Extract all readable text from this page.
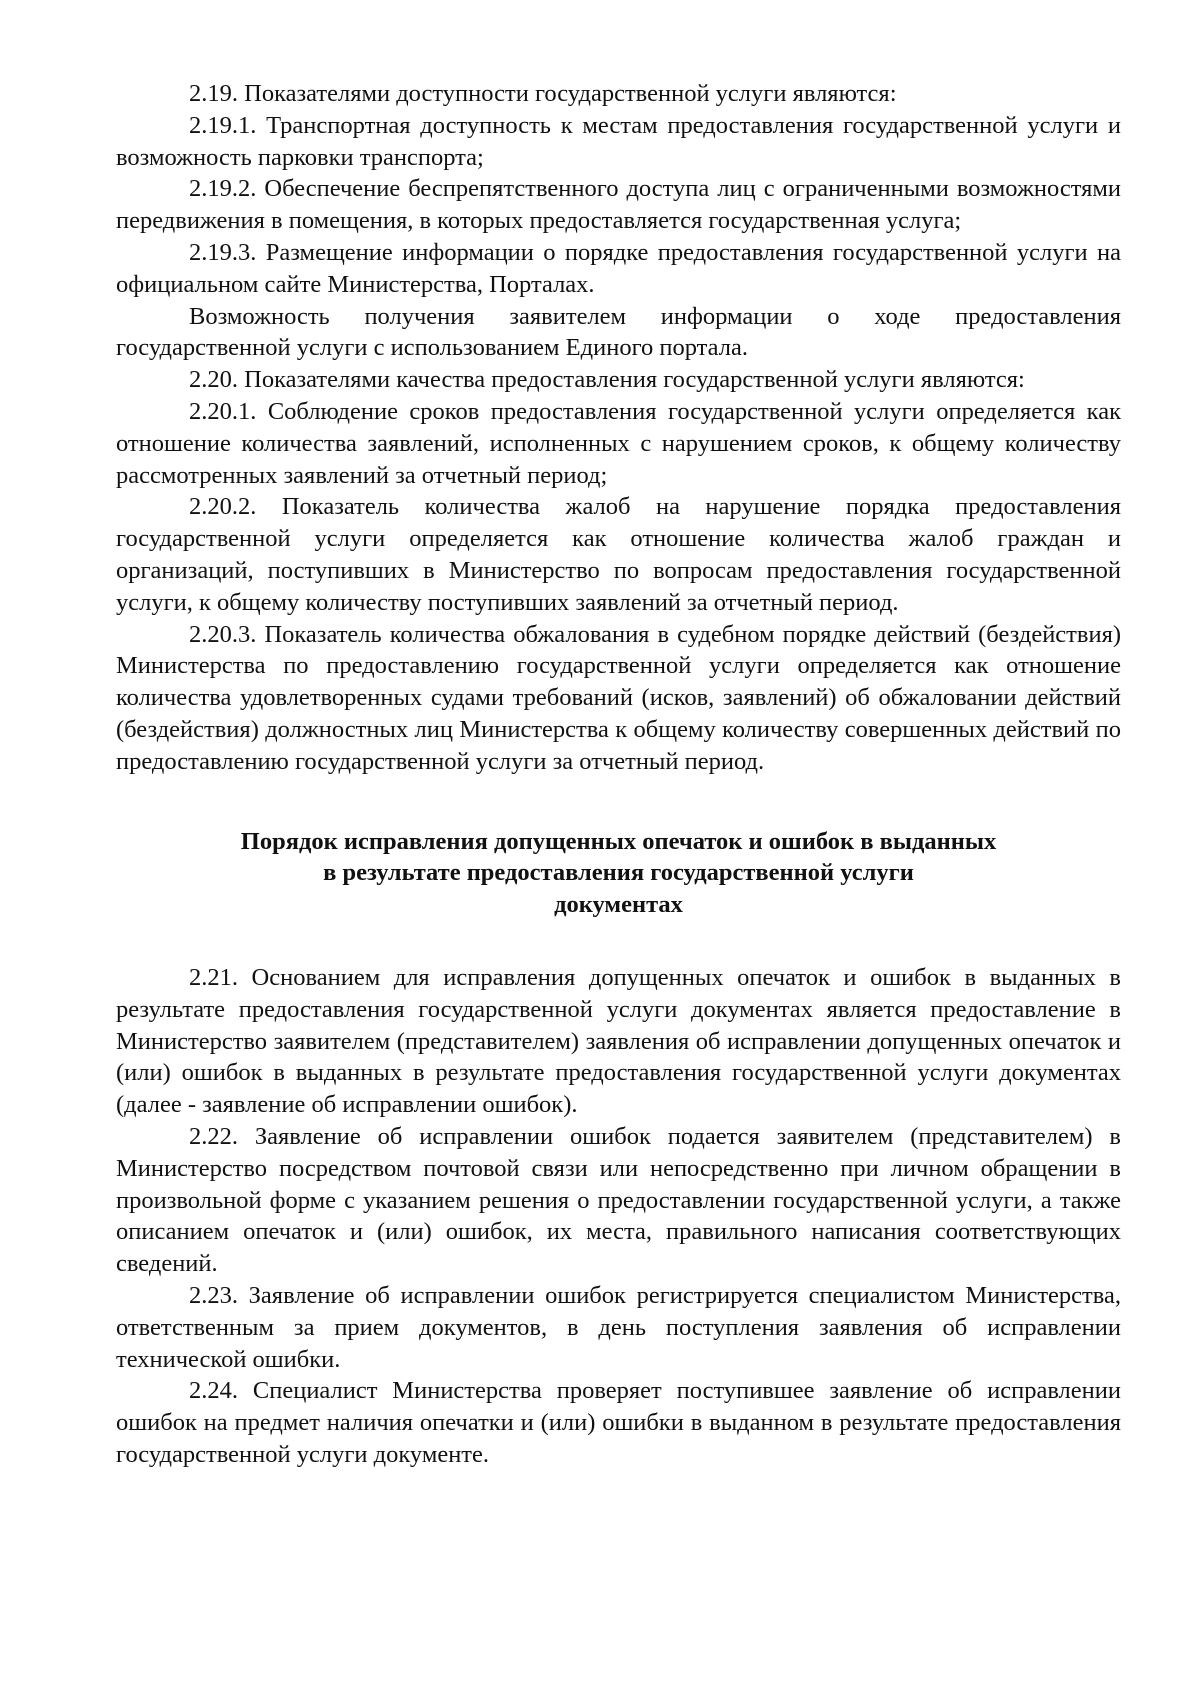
2.19. Показателями доступности государственной услуги являются:

2.19.1. Транспортная доступность к местам предоставления государственной услуги и возможность парковки транспорта;

2.19.2. Обеспечение беспрепятственного доступа лиц с ограниченными возможностями передвижения в помещения, в которых предоставляется государственная услуга;

2.19.3. Размещение информации о порядке предоставления государственной услуги на официальном сайте Министерства, Порталах.

Возможность получения заявителем информации о ходе предоставления государственной услуги с использованием Единого портала.

2.20. Показателями качества предоставления государственной услуги являются:

2.20.1. Соблюдение сроков предоставления государственной услуги определяется как отношение количества заявлений, исполненных с нарушением сроков, к общему количеству рассмотренных заявлений за отчетный период;

2.20.2. Показатель количества жалоб на нарушение порядка предоставления государственной услуги определяется как отношение количества жалоб граждан и организаций, поступивших в Министерство по вопросам предоставления государственной услуги, к общему количеству поступивших заявлений за отчетный период.

2.20.3. Показатель количества обжалования в судебном порядке действий (бездействия) Министерства по предоставлению государственной услуги определяется как отношение количества удовлетворенных судами требований (исков, заявлений) об обжаловании действий (бездействия) должностных лиц Министерства к общему количеству совершенных действий по предоставлению государственной услуги за отчетный период.

Порядок исправления допущенных опечаток и ошибок в выданных
в результате предоставления государственной услуги
документах

2.21. Основанием для исправления допущенных опечаток и ошибок в выданных в результате предоставления государственной услуги документах является предоставление в Министерство заявителем (представителем) заявления об исправлении допущенных опечаток и (или) ошибок в выданных в результате предоставления государственной услуги документах (далее - заявление об исправлении ошибок).

2.22. Заявление об исправлении ошибок подается заявителем (представителем) в Министерство посредством почтовой связи или непосредственно при личном обращении в произвольной форме с указанием решения о предоставлении государственной услуги, а также описанием опечаток и (или) ошибок, их места, правильного написания соответствующих сведений.

2.23. Заявление об исправлении ошибок регистрируется специалистом Министерства, ответственным за прием документов, в день поступления заявления об исправлении технической ошибки.

2.24. Специалист Министерства проверяет поступившее заявление об исправлении ошибок на предмет наличия опечатки и (или) ошибки в выданном в результате предоставления государственной услуги документе.
